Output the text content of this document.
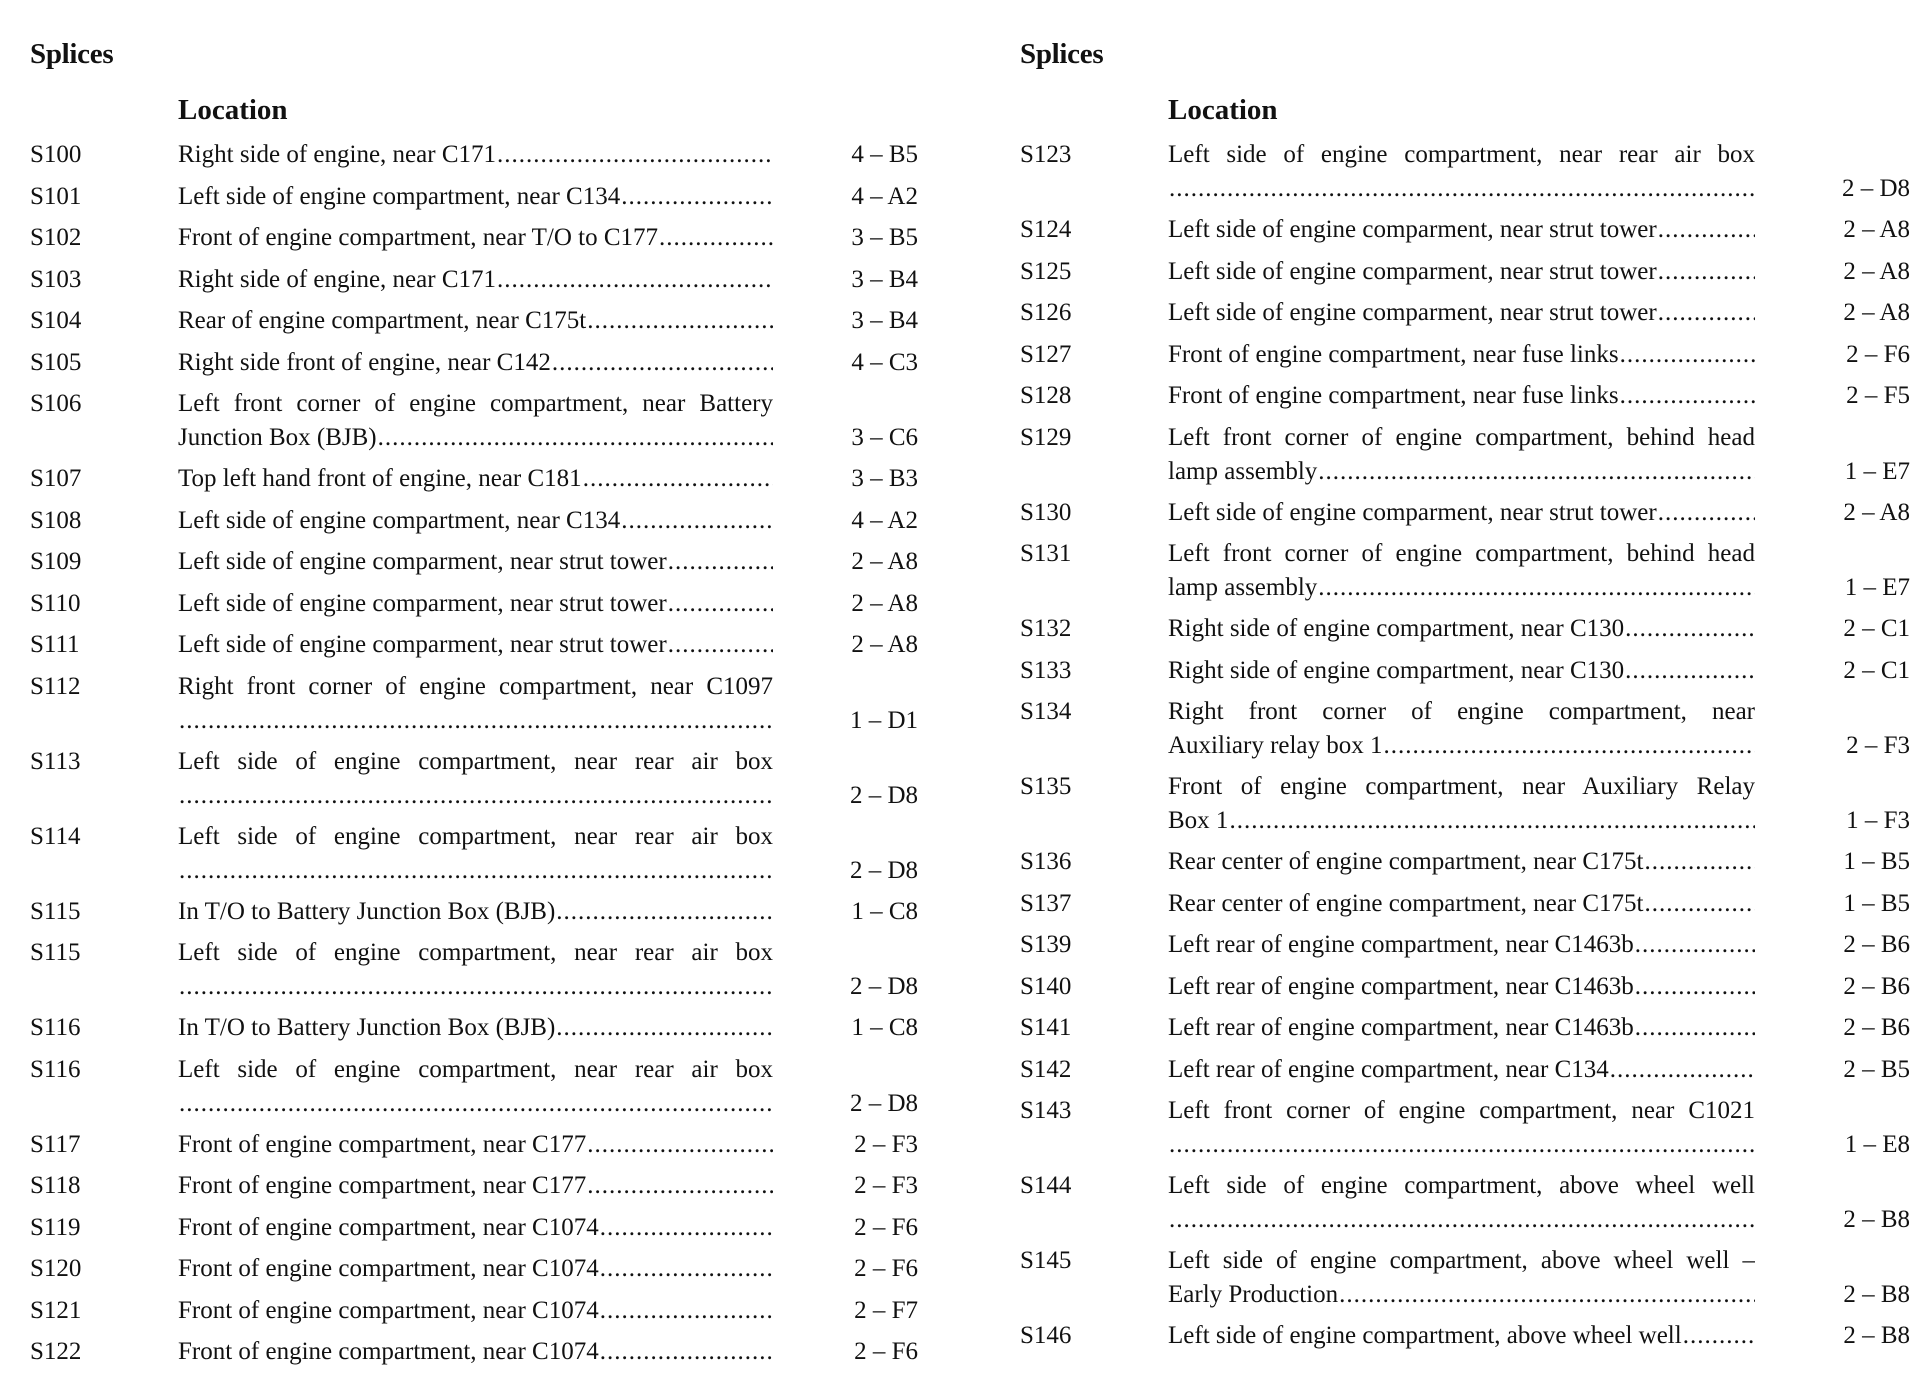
Splices
Location
S100	Right side of engine, near C171 .....	4 – B5
S101	Left side of engine compartment, near C134 .....	4 – A2
S102	Front of engine compartment, near T/O to C177 .....	3 – B5
S103	Right side of engine, near C171 .....	3 – B4
S104	Rear of engine compartment, near C175t .....	3 – B4
S105	Right side front of engine, near C142 .....	4 – C3
S106	Left front corner of engine compartment, near Battery
Junction Box (BJB) .....	3 – C6
S107	Top left hand front of engine, near C181 .....	3 – B3
S108	Left side of engine compartment, near C134 .....	4 – A2
S109	Left side of engine comparment, near strut tower .....	2 – A8
S110	Left side of engine comparment, near strut tower .....	2 – A8
S111	Left side of engine comparment, near strut tower .....	2 – A8
S112	Right front corner of engine compartment, near C1097
.....
1 – D1
S113	Left side of engine compartment, near rear air box
.....
2 – D8
S114	Left side of engine compartment, near rear air box
.....
2 – D8
S115	In T/O to Battery Junction Box (BJB) .....	1 – C8
S115	Left side of engine compartment, near rear air box
.....
2 – D8
S116	In T/O to Battery Junction Box (BJB) .....	1 – C8
S116	Left side of engine compartment, near rear air box
.....
2 – D8
S117	Front of engine compartment, near C177 .....	2 – F3
S118	Front of engine compartment, near C177 .....	2 – F3
S119	Front of engine compartment, near C1074 .....	2 – F6
S120	Front of engine compartment, near C1074 .....	2 – F6
S121	Front of engine compartment, near C1074 .....	2 – F7
S122	Front of engine compartment, near C1074 .....	2 – F6
Splices
Location
S123	Left side of engine compartment, near rear air box
.....
2 – D8
S124	Left side of engine comparment, near strut tower .....	2 – A8
S125	Left side of engine comparment, near strut tower .....	2 – A8
S126	Left side of engine comparment, near strut tower .....	2 – A8
S127	Front of engine compartment, near fuse links .....	2 – F6
S128	Front of engine compartment, near fuse links .....	2 – F5
S129	Left front corner of engine compartment, behind head
lamp assembly .....	1 – E7
S130	Left side of engine comparment, near strut tower .....	2 – A8
S131	Left front corner of engine compartment, behind head
lamp assembly .....	1 – E7
S132	Right side of engine compartment, near C130 .....	2 – C1
S133	Right side of engine compartment, near C130 .....	2 – C1
S134	Right front corner of engine compartment, near
Auxiliary relay box 1 .....	2 – F3
S135	Front of engine compartment, near Auxiliary Relay
Box 1 .....	1 – F3
S136	Rear center of engine compartment, near C175t .....	1 – B5
S137	Rear center of engine compartment, near C175t .....	1 – B5
S139	Left rear of engine compartment, near C1463b .....	2 – B6
S140	Left rear of engine compartment, near C1463b .....	2 – B6
S141	Left rear of engine compartment, near C1463b .....	2 – B6
S142	Left rear of engine compartment, near C134 .....	2 – B5
S143	Left front corner of engine compartment, near C1021
.....
1 – E8
S144	Left side of engine compartment, above wheel well
.....
2 – B8
S145	Left side of engine compartment, above wheel well –
Early Production .....	2 – B8
S146	Left side of engine compartment, above wheel well .....	2 – B8
